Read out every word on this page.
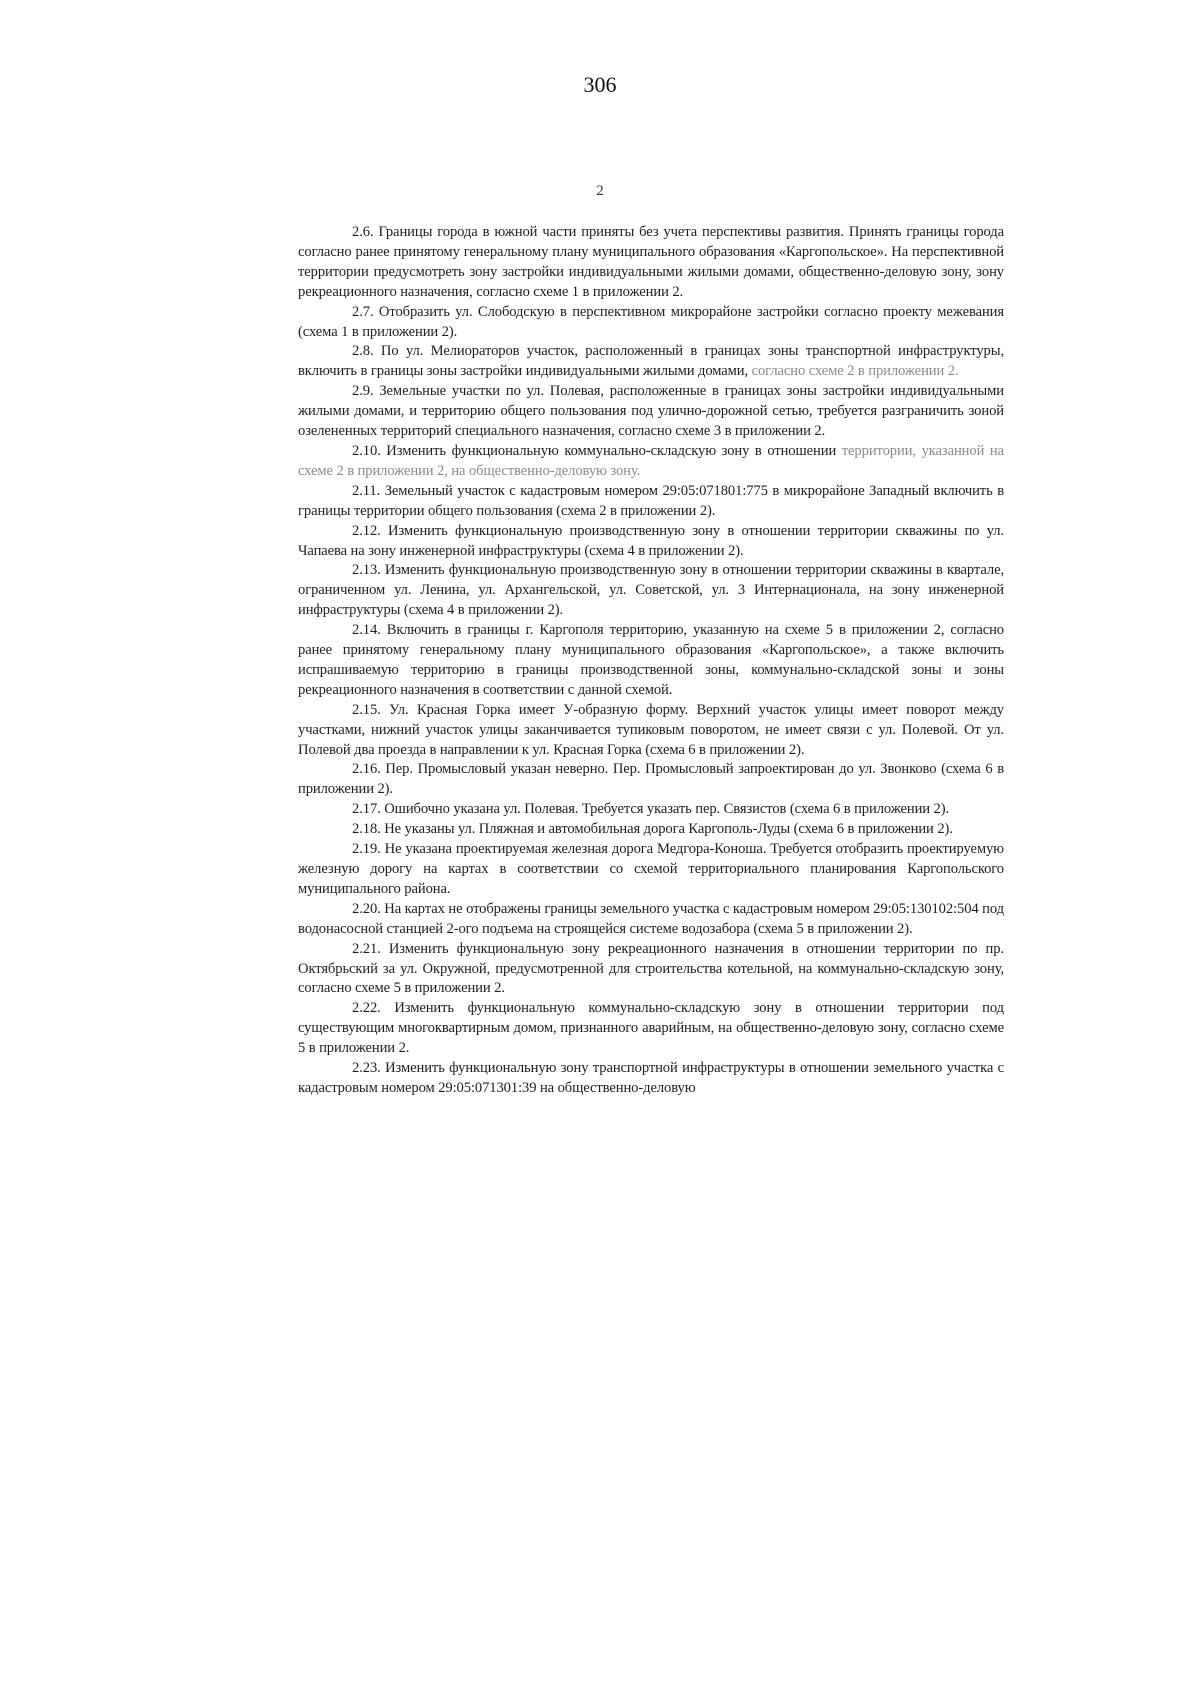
306
2

2.6. Границы города в южной части приняты без учета перспективы развития. Принять границы города согласно ранее принятому генеральному плану муниципального образования «Каргопольское». На перспективной территории предусмотреть зону застройки индивидуальными жилыми домами, общественно-деловую зону, зону рекреационного назначения, согласно схеме 1 в приложении 2.

2.7. Отобразить ул. Слободскую в перспективном микрорайоне застройки согласно проекту межевания (схема 1 в приложении 2).

2.8. По ул. Мелиораторов участок, расположенный в границах зоны транспортной инфраструктуры, включить в границы зоны застройки индивидуальными жилыми домами, согласно схеме 2 в приложении 2.

2.9. Земельные участки по ул. Полевая, расположенные в границах зоны застройки индивидуальными жилыми домами, и территорию общего пользования под улично-дорожной сетью, требуется разграничить зоной озелененных территорий специального назначения, согласно схеме 3 в приложении 2.

2.10. Изменить функциональную коммунально-складскую зону в отношении территории, указанной на схеме 2 в приложении 2, на общественно-деловую зону.

2.11. Земельный участок с кадастровым номером 29:05:071801:775 в микрорайоне Западный включить в границы территории общего пользования (схема 2 в приложении 2).

2.12. Изменить функциональную производственную зону в отношении территории скважины по ул. Чапаева на зону инженерной инфраструктуры (схема 4 в приложении 2).

2.13. Изменить функциональную производственную зону в отношении территории скважины в квартале, ограниченном ул. Ленина, ул. Архангельской, ул. Советской, ул. 3 Интернационала, на зону инженерной инфраструктуры (схема 4 в приложении 2).

2.14. Включить в границы г. Каргополя территорию, указанную на схеме 5 в приложении 2, согласно ранее принятому генеральному плану муниципального образования «Каргопольское», а также включить испрашиваемую территорию в границы производственной зоны, коммунально-складской зоны и зоны рекреационного назначения в соответствии с данной схемой.

2.15. Ул. Красная Горка имеет У-образную форму. Верхний участок улицы имеет поворот между участками, нижний участок улицы заканчивается тупиковым поворотом, не имеет связи с ул. Полевой. От ул. Полевой два проезда в направлении к ул. Красная Горка (схема 6 в приложении 2).

2.16. Пер. Промысловый указан неверно. Пер. Промысловый запроектирован до ул. Звонково (схема 6 в приложении 2).

2.17. Ошибочно указана ул. Полевая. Требуется указать пер. Связистов (схема 6 в приложении 2).

2.18. Не указаны ул. Пляжная и автомобильная дорога Каргополь-Луды (схема 6 в приложении 2).

2.19. Не указана проектируемая железная дорога Медгора-Коноша. Требуется отобразить проектируемую железную дорогу на картах в соответствии со схемой территориального планирования Каргопольского муниципального района.

2.20. На картах не отображены границы земельного участка с кадастровым номером 29:05:130102:504 под водонасосной станцией 2-ого подъема на строящейся системе водозабора (схема 5 в приложении 2).

2.21. Изменить функциональную зону рекреационного назначения в отношении территории по пр. Октябрьский за ул. Окружной, предусмотренной для строительства котельной, на коммунально-складскую зону, согласно схеме 5 в приложении 2.

2.22. Изменить функциональную коммунально-складскую зону в отношении территории под существующим многоквартирным домом, признанного аварийным, на общественно-деловую зону, согласно схеме 5 в приложении 2.

2.23. Изменить функциональную зону транспортной инфраструктуры в отношении земельного участка с кадастровым номером 29:05:071301:39 на общественно-деловую
